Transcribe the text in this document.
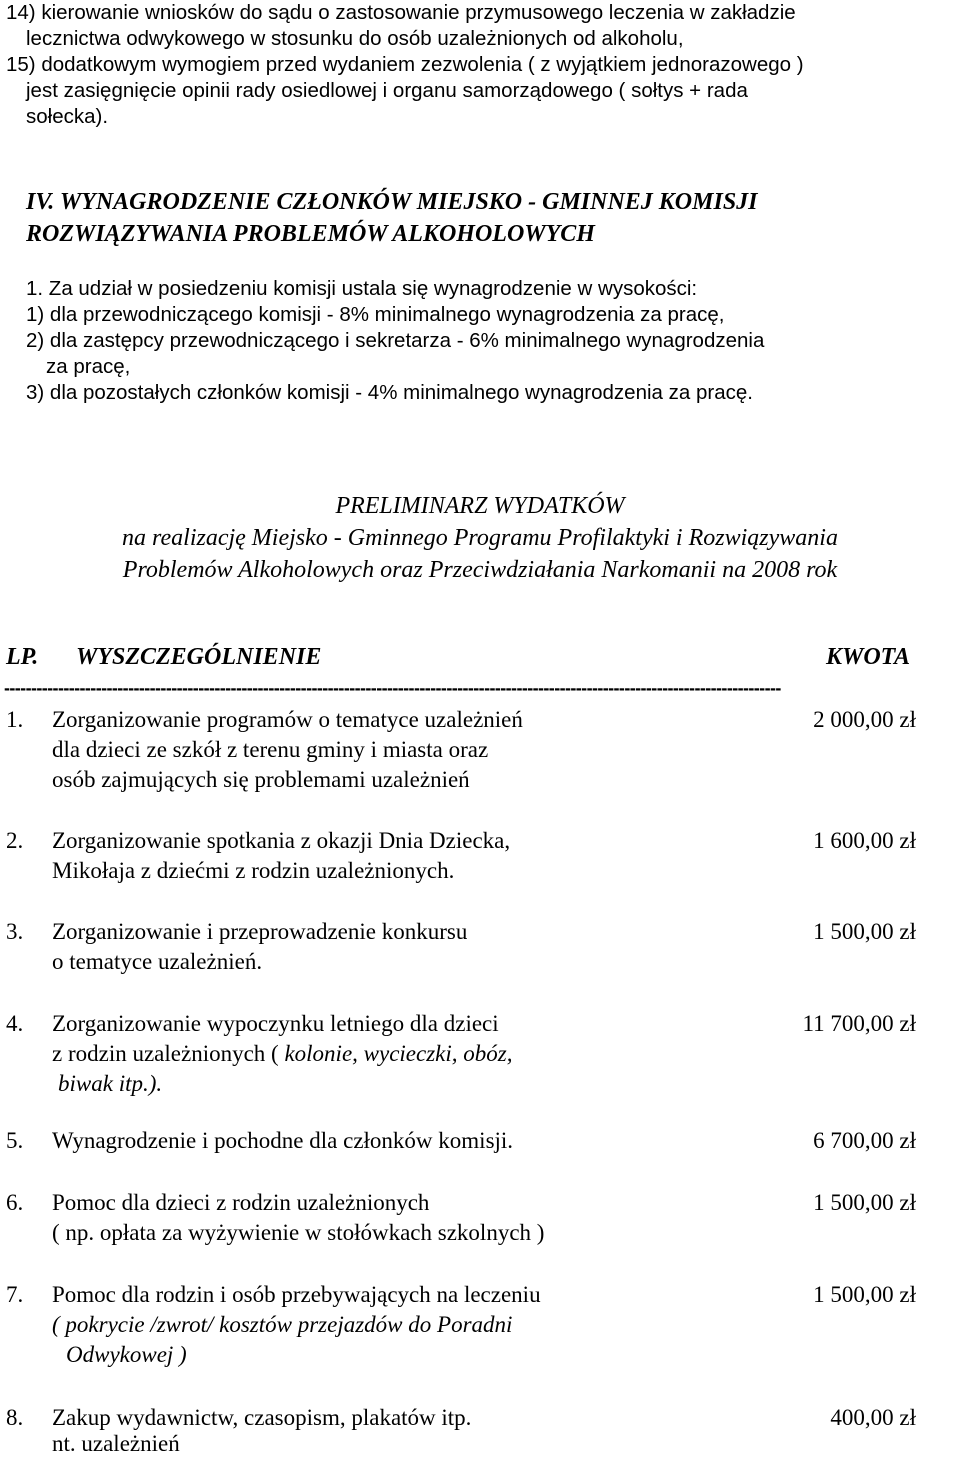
14) kierowanie wniosków do sądu o zastosowanie przymusowego leczenia w zakładzie
lecznictwa odwykowego w stosunku do osób uzależnionych od alkoholu,
15) dodatkowym wymogiem przed wydaniem zezwolenia ( z wyjątkiem jednorazowego )
jest zasięgnięcie opinii rady osiedlowej i organu samorządowego ( sołtys + rada
sołecka).
IV. WYNAGRODZENIE CZŁONKÓW MIEJSKO - GMINNEJ KOMISJI
ROZWIĄZYWANIA PROBLEMÓW ALKOHOLOWYCH
1. Za udział w posiedzeniu komisji ustala się wynagrodzenie w wysokości:
1) dla przewodniczącego komisji - 8% minimalnego wynagrodzenia za pracę,
2) dla zastępcy przewodniczącego i sekretarza - 6% minimalnego wynagrodzenia
za pracę,
3) dla pozostałych członków komisji - 4% minimalnego wynagrodzenia za pracę.
PRELIMINARZ WYDATKÓW
na realizację Miejsko - Gminnego Programu Profilaktyki i Rozwiązywania
Problemów Alkoholowych oraz Przeciwdziałania Narkomanii na 2008 rok
LP. WYSZCZEGÓLNIENIE	KWOTA
------------------------------------------------------------------------------------------------------------------------------------------------
1. Zorganizowanie programów o tematyce uzależnień
dla dzieci ze szkół z terenu gminy i miasta oraz
osób zajmujących się problemami uzależnień
2 000,00 zł
2. Zorganizowanie spotkania z okazji Dnia Dziecka,
Mikołaja z dziećmi z rodzin uzależnionych.
1 600,00 zł
3. Zorganizowanie i przeprowadzenie konkursu
o tematyce uzależnień.
1 500,00 zł
4. Zorganizowanie wypoczynku letniego dla dzieci
z rodzin uzależnionych ( kolonie, wycieczki, obóz,
biwak itp.).
11 700,00 zł
5. Wynagrodzenie i pochodne dla członków komisji.	6 700,00 zł
6. Pomoc dla dzieci z rodzin uzależnionych
( np. opłata za wyżywienie w stołówkach szkolnych )
1 500,00 zł
7. Pomoc dla rodzin i osób przebywających na leczeniu
( pokrycie /zwrot/ kosztów przejazdów do Poradni
Odwykowej )
1 500,00 zł
8. Zakup wydawnictw, czasopism, plakatów itp.
nt. uzależnień
400,00 zł
